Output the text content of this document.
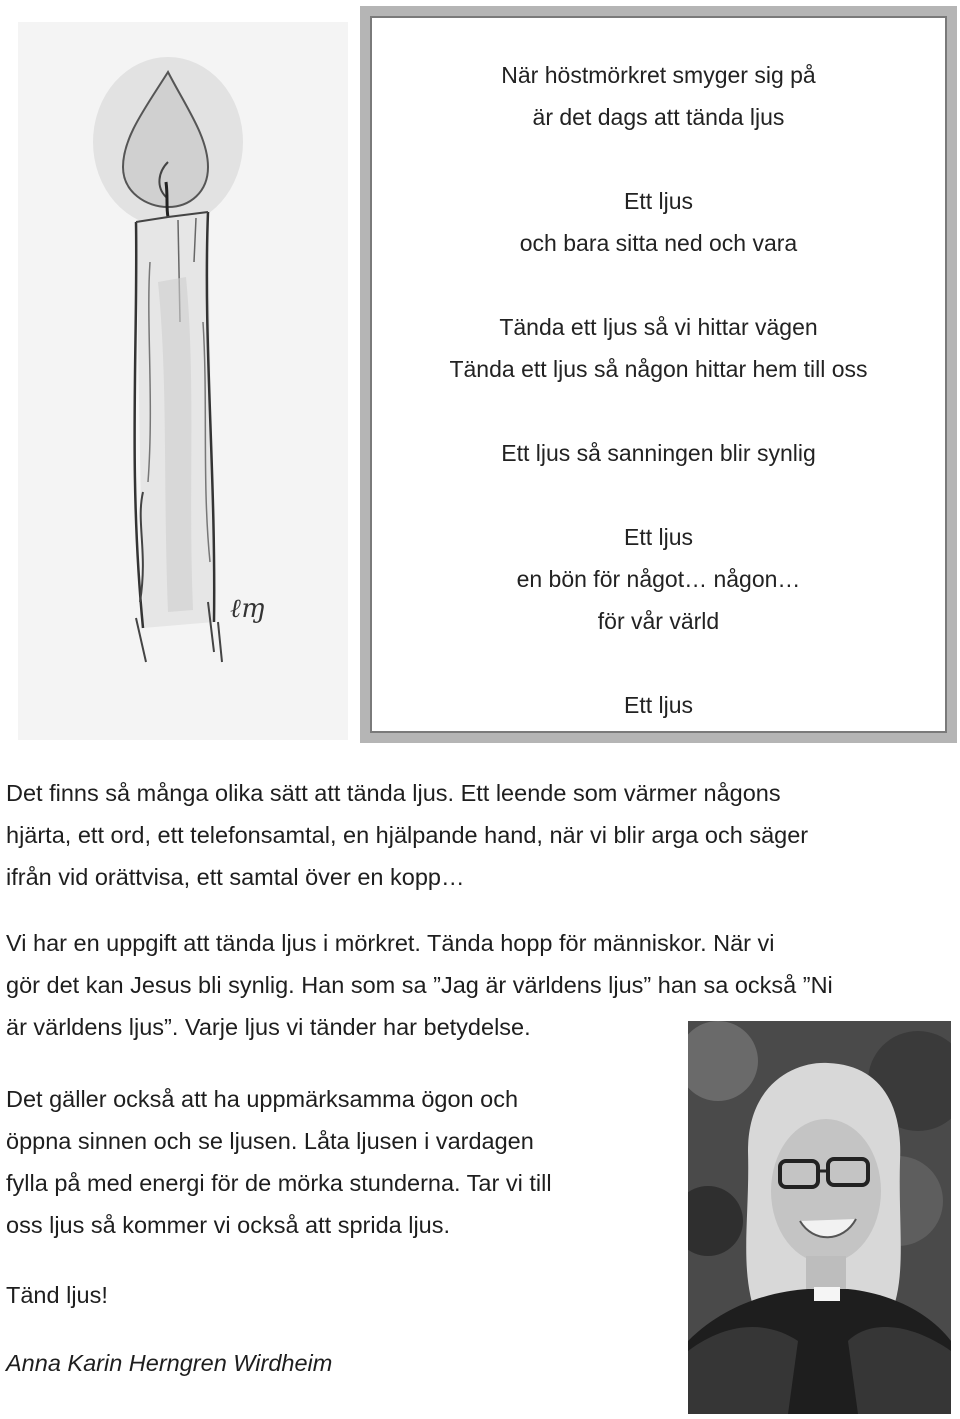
ℓɱ

När höstmörkret smyger sig på

är det dags att tända ljus

Ett ljus

och bara sitta ned och vara

Tända ett ljus så vi hittar vägen

Tända ett ljus så någon hittar hem till oss

Ett ljus så sanningen blir synlig

Ett ljus

en bön för något… någon…

för vår värld

Ett ljus

Det finns så många olika sätt att tända ljus. Ett leende som värmer någons

hjärta, ett ord, ett telefonsamtal, en hjälpande hand, när vi blir arga och säger

ifrån vid orättvisa, ett samtal över en kopp…

Vi har en uppgift att tända ljus i mörkret. Tända hopp för människor. När vi

gör det kan Jesus bli synlig. Han som sa ”Jag är världens ljus” han sa också ”Ni

är världens ljus”. Varje ljus vi tänder har betydelse.

Det gäller också att ha uppmärksamma ögon och

öppna sinnen och se ljusen. Låta ljusen i vardagen

fylla på med energi för de mörka stunderna. Tar vi till

oss ljus så kommer vi också att sprida ljus.

Tänd ljus!

Anna Karin Herngren Wirdheim
